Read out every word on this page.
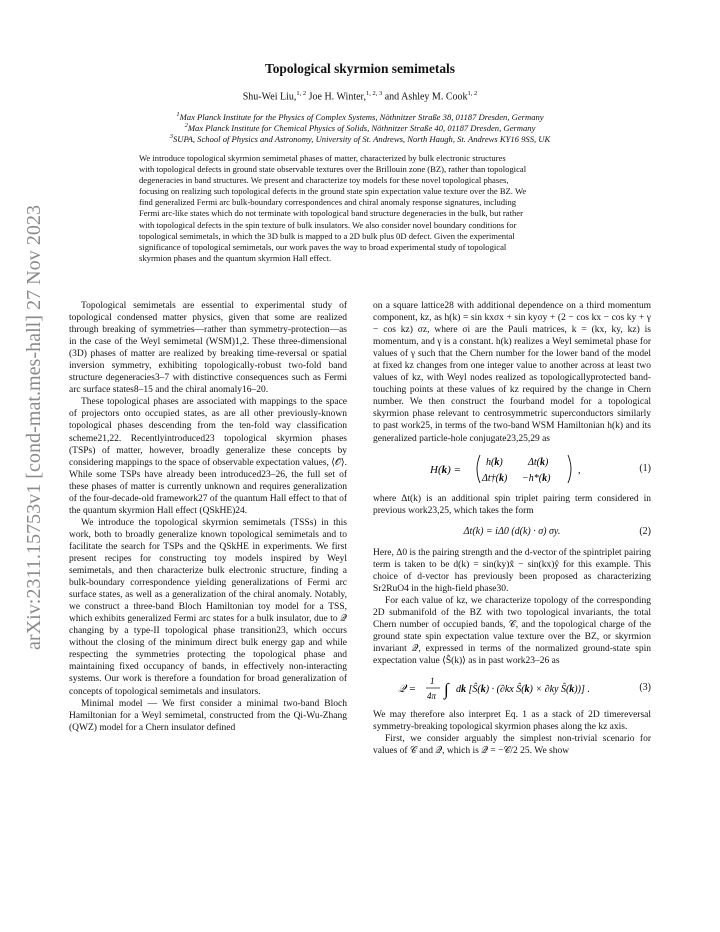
arXiv:2311.15753v1 [cond-mat.mes-hall] 27 Nov 2023
Topological skyrmion semimetals
Shu-Wei Liu,$^{1, 2}$ Joe H. Winter,$^{1, 2, 3}$ and Ashley M. Cook$^{1, 2}$
$^1$Max Planck Institute for the Physics of Complex Systems, Nöthnitzer Straße 38, 01187 Dresden, Germany
$^2$Max Planck Institute for Chemical Physics of Solids, Nöthnitzer Straße 40, 01187 Dresden, Germany
$^3$SUPA, School of Physics and Astronomy, University of St. Andrews, North Haugh, St. Andrews KY16 9SS, UK
We introduce topological skyrmion semimetal phases of matter, characterized by bulk electronic structures
with topological defects in ground state observable textures over the Brillouin zone (BZ), rather than topological
degeneracies in band structures. We present and characterize toy models for these novel topological phases,
focusing on realizing such topological defects in the ground state spin expectation value texture over the BZ. We
find generalized Fermi arc bulk-boundary correspondences and chiral anomaly response signatures, including
Fermi arc-like states which do not terminate with topological band structure degeneracies in the bulk, but rather
with topological defects in the spin texture of bulk insulators. We also consider novel boundary conditions for
topological semimetals, in which the 3D bulk is mapped to a 2D bulk plus 0D defect. Given the experimental
significance of topological semimetals, our work paves the way to broad experimental study of topological
skyrmion phases and the quantum skyrmion Hall effect.

Topological semimetals are essential to experimental study of topological condensed matter physics, given that some are realized through breaking of symmetries—rather than symmetry-protection—as in the case of the Weyl semimetal (WSM)1,2. These three-dimensional (3D) phases of matter are realized by breaking time-reversal or spatial inversion symmetry, exhibiting topologically-robust two-fold band structure degeneracies3–7 with distinctive consequences such as Fermi arc surface states8–15 and the chiral anomaly16–20.

These topological phases are associated with mappings to the space of projectors onto occupied states, as are all other previously-known topological phases descending from the ten-fold way classification scheme21,22. Recentlyintroduced23 topological skyrmion phases (TSPs) of matter, however, broadly generalize these concepts by considering mappings to the space of observable expectation values, ⟨𝒪⟩. While some TSPs have already been introduced23–26, the full set of these phases of matter is currently unknown and requires generalization of the four-decade-old framework27 of the quantum Hall effect to that of the quantum skyrmion Hall effect (QSkHE)24.

We introduce the topological skyrmion semimetals (TSSs) in this work, both to broadly generalize known topological semimetals and to facilitate the search for TSPs and the QSkHE in experiments. We first present recipes for constructing toy models inspired by Weyl semimetals, and then characterize bulk electronic structure, finding a bulk-boundary correspondence yielding generalizations of Fermi arc surface states, as well as a generalization of the chiral anomaly. Notably, we construct a three-band Bloch Hamiltonian toy model for a TSS, which exhibits generalized Fermi arc states for a bulk insulator, due to 𝒬 changing by a type-II topological phase transition23, which occurs without the closing of the minimum direct bulk energy gap and while respecting the symmetries protecting the topological phase and maintaining fixed occupancy of bands, in effectively non-interacting systems. Our work is therefore a foundation for broad generalization of concepts of topological semimetals and insulators.

Minimal model — We first consider a minimal two-band Bloch Hamiltonian for a Weyl semimetal, constructed from the Qi-Wu-Zhang (QWZ) model for a Chern insulator defined

on a square lattice28 with additional dependence on a third momentum component, kz, as h(k) = sin kxσx + sin kyσy + (2 − cos kx − cos ky + γ − cos kz) σz, where σi are the Pauli matrices, k = (kx, ky, kz) is momentum, and γ is a constant. h(k) realizes a Weyl semimetal phase for values of γ such that the Chern number for the lower band of the model at fixed kz changes from one integer value to another across at least two values of kz, with Weyl nodes realized as topologicallyprotected band-touching points at these values of kz required by the change in Chern number. We then construct the fourband model for a topological skyrmion phase relevant to centrosymmetric superconductors similarly to past work25, in terms of the two-band WSM Hamiltonian h(k) and its generalized particle-hole conjugate23,25,29 as

H(k) =
h(k)	Δt(k)
Δt†(k) −h*(k)
,	(1)

where Δt(k) is an additional spin triplet pairing term considered in previous work23,25, which takes the form

Δt(k) = iΔ0 (d(k) · σ) σy.	(2)

Here, Δ0 is the pairing strength and the d-vector of the spintriplet pairing term is taken to be d(k) = sin(ky)x̂ − sin(kx)ŷ for this example. This choice of d-vector has previously been proposed as characterizing Sr2RuO4 in the high-field phase30.

For each value of kz, we characterize topology of the corresponding 2D submanifold of the BZ with two topological invariants, the total Chern number of occupied bands, 𝒞, and the topological charge of the ground state spin expectation value texture over the BZ, or skyrmion invariant 𝒬, expressed in terms of the normalized ground-state spin expectation value ⟨Ŝ(k)⟩ as in past work23–26 as

𝒬 =
1
4π ∫ dk [Ŝ(k) · (∂kx Ŝ(k) × ∂ky Ŝ(k))] .	(3)

We may therefore also interpret Eq. 1 as a stack of 2D timereversal symmetry-breaking topological skyrmion phases along the kz axis.

First, we consider arguably the simplest non-trivial scenario for values of 𝒞 and 𝒬, which is 𝒬 = −𝒞/2 25. We show
